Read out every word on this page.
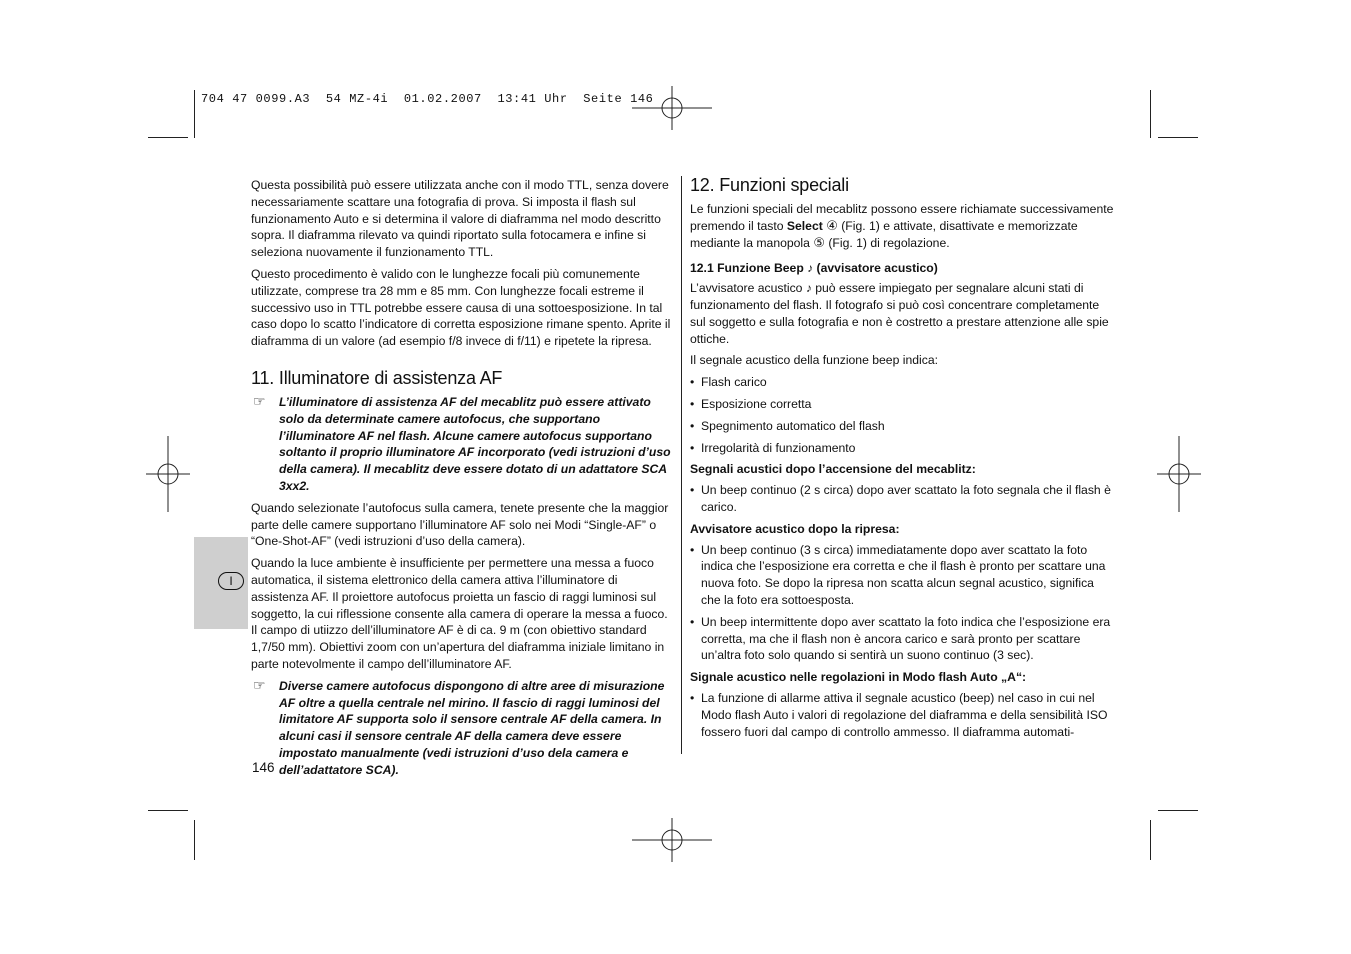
704 47 0099.A3  54 MZ-4i  01.02.2007  13:41 Uhr  Seite 146
I

Questa possibilità può essere utilizzata anche con il modo TTL, senza dovere necessariamente scattare una fotografia di prova. Si imposta il flash sul funzionamento Auto e si determina il valore di diaframma nel modo descritto sopra. Il diaframma rilevato va quindi riportato sulla fotocamera e infine si seleziona nuovamente il funzionamento TTL.

Questo procedimento è valido con le lunghezze focali più comunemente utilizzate, comprese tra 28 mm e 85 mm. Con lunghezze focali estreme il successivo uso in TTL potrebbe essere causa di una sottoesposizione. In tal caso dopo lo scatto l’indicatore di corretta esposizione rimane spento. Aprite il diaframma di un valore (ad esempio f/8 invece di f/11) e ripetete la ripresa.

11. Illuminatore di assistenza AF
☞ L’illuminatore di assistenza AF del mecablitz può essere attivato solo da determinate camere autofocus, che supportano l’illuminatore AF nel flash. Alcune camere autofocus supportano soltanto il proprio illuminatore AF incorporato (vedi istruzioni d’uso della camera). Il mecablitz deve essere dotato di un adattatore SCA 3xx2.

Quando selezionate l’autofocus sulla camera, tenete presente che la maggior parte delle camere supportano l’illuminatore AF solo nei Modi “Single-AF” o “One-Shot-AF” (vedi istruzioni d’uso della camera).

Quando la luce ambiente è insufficiente per permettere una messa a fuoco automatica, il sistema elettronico della camera attiva l’illuminatore di assistenza AF. Il proiettore autofocus proietta un fascio di raggi luminosi sul soggetto, la cui riflessione consente alla camera di operare la messa a fuoco. Il campo di utiizzo dell’illuminatore AF è di ca. 9 m (con obiettivo standard 1,7/50 mm). Obiettivi zoom con un’apertura del diaframma iniziale limitano in parte notevolmente il campo dell’illuminatore AF.

☞ Diverse camere autofocus dispongono di altre aree di misurazione AF oltre a quella centrale nel mirino. Il fascio di raggi luminosi del limitatore AF supporta solo il sensore centrale AF della camera. In alcuni casi il sensore centrale AF della camera deve essere impostato manualmente (vedi istruzioni d’uso dela camera e dell’adattatore SCA).
146
12. Funzioni speciali

Le funzioni speciali del mecablitz possono essere richiamate successivamente premendo il tasto Select ④ (Fig. 1) e attivate, disattivate e memorizzate mediante la manopola ⑤ (Fig. 1) di regolazione.

12.1 Funzione Beep ♪ (avvisatore acustico)

L’avvisatore acustico ♪ può essere impiegato per segnalare alcuni stati di funzionamento del flash. Il fotografo si può così concentrare completamente sul soggetto e sulla fotografia e non è costretto a prestare attenzione alle spie ottiche.

Il segnale acustico della funzione beep indica:

• Flash carico
• Esposizione corretta
• Spegnimento automatico del flash
• Irregolarità di funzionamento
Segnali acustici dopo l’accensione del mecablitz:
• Un beep continuo (2 s circa) dopo aver scattato la foto segnala che il flash è carico.
Avvisatore acustico dopo la ripresa:
• Un beep continuo (3 s circa) immediatamente dopo aver scattato la foto indica che l’esposizione era corretta e che il flash è pronto per scattare una nuova foto. Se dopo la ripresa non scatta alcun segnal acustico, significa che la foto era sottoesposta.
• Un beep intermittente dopo aver scattato la foto indica che l’esposizione era corretta, ma che il flash non è ancora carico e sarà pronto per scattare un’altra foto solo quando si sentirà un suono continuo (3 sec).
Signale acustico nelle regolazioni in Modo flash Auto „A“:
• La funzione di allarme attiva il segnale acustico (beep) nel caso in cui nel Modo flash Auto i valori di regolazione del diaframma e della sensibilità ISO fossero fuori dal campo di controllo ammesso. Il diaframma automati-
